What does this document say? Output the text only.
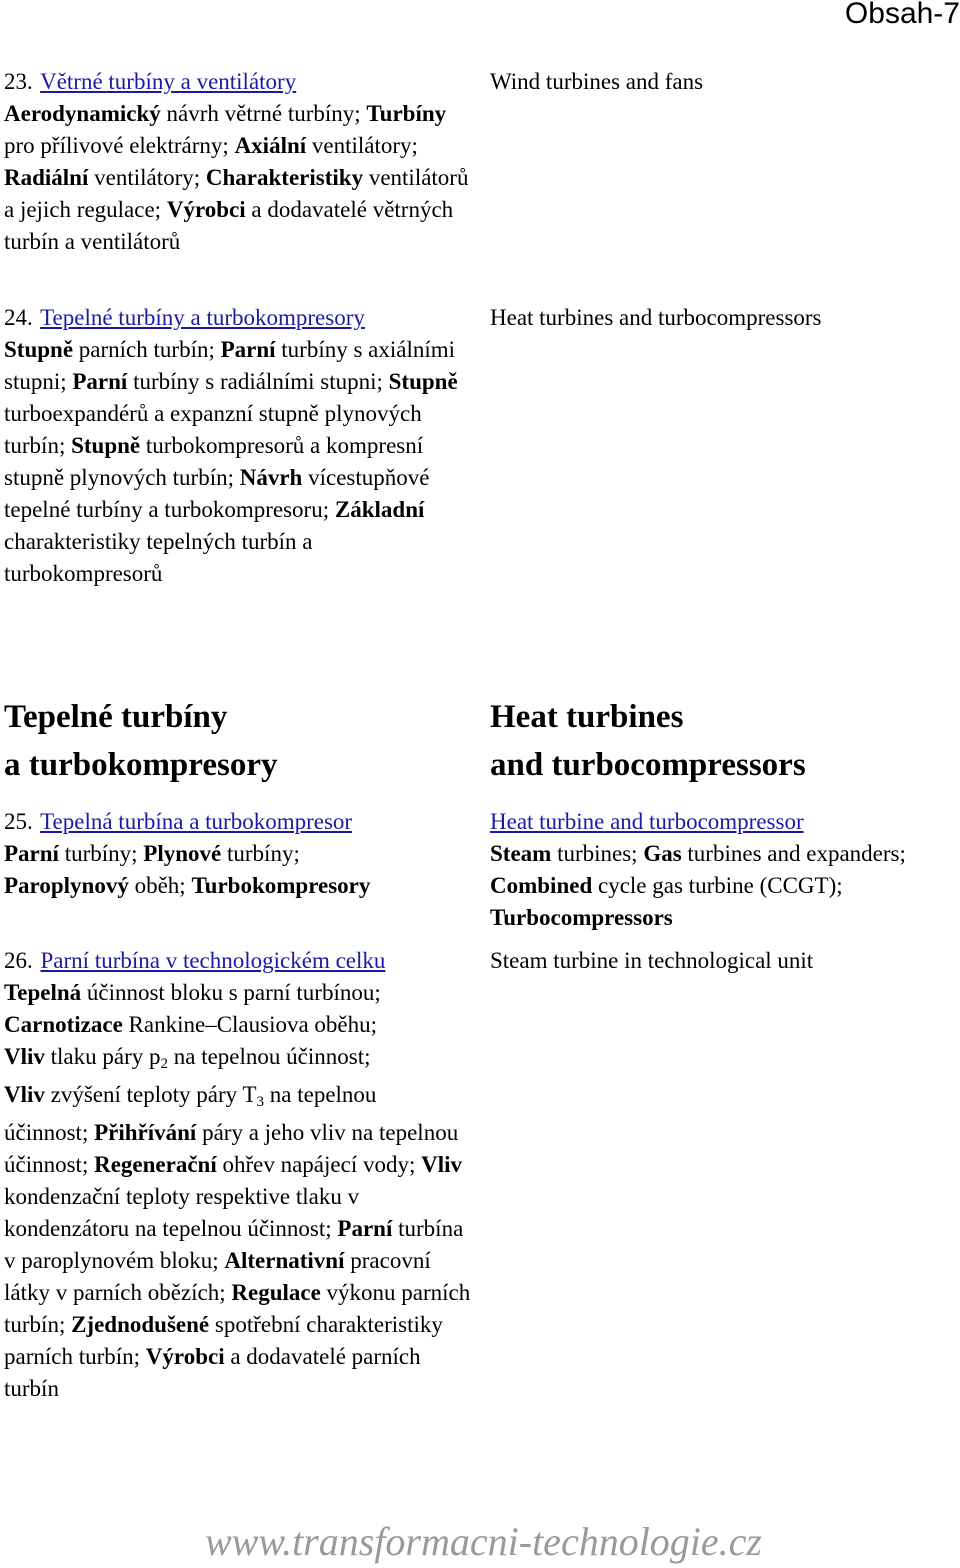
Obsah-7
23. Větrné turbíny a ventilátory
Aerodynamický návrh větrné turbíny; Turbíny pro přílivové elektrárny; Axiální ventilátory; Radiální ventilátory; Charakteristiky ventilátorů a jejich regulace; Výrobci a dodavatelé větrných turbín a ventilátorů
Wind turbines and fans
24. Tepelné turbíny a turbokompresory
Stupně parních turbín; Parní turbíny s axiálními stupni; Parní turbíny s radiálními stupni; Stupně turboexpandérů a expanzní stupně plynových turbín; Stupně turbokompresorů a kompresní stupně plynových turbín; Návrh vícestupňové tepelné turbíny a turbokompresoru; Základní charakteristiky tepelných turbín a turbokompresorů
Heat turbines and turbocompressors
Tepelné turbíny
a turbokompresory
Heat turbines
and turbocompressors
25. Tepelná turbína a turbokompresor
Parní turbíny; Plynové turbíny;
Paroplynový oběh; Turbokompresory
Heat turbine and turbocompressor
Steam turbines; Gas turbines and expanders; Combined cycle gas turbine (CCGT); Turbocompressors
26. Parní turbína v technologickém celku
Tepelná účinnost bloku s parní turbínou;
Carnotizace Rankine–Clausiova oběhu;
Vliv tlaku páry $p_2$ na tepelnou účinnost;
Vliv zvýšení teploty páry $T_3$ na tepelnou
účinnost; Přihřívání páry a jeho vliv na tepelnou účinnost; Regenerační ohřev napájecí vody; Vliv kondenzační teploty respektive tlaku v kondenzátoru na tepelnou účinnost; Parní turbína v paroplynovém bloku; Alternativní pracovní látky v parních obězích; Regulace výkonu parních turbín; Zjednodušené spotřební charakteristiky parních turbín; Výrobci a dodavatelé parních turbín
Steam turbine in technological unit
www.transformacni-technologie.cz
